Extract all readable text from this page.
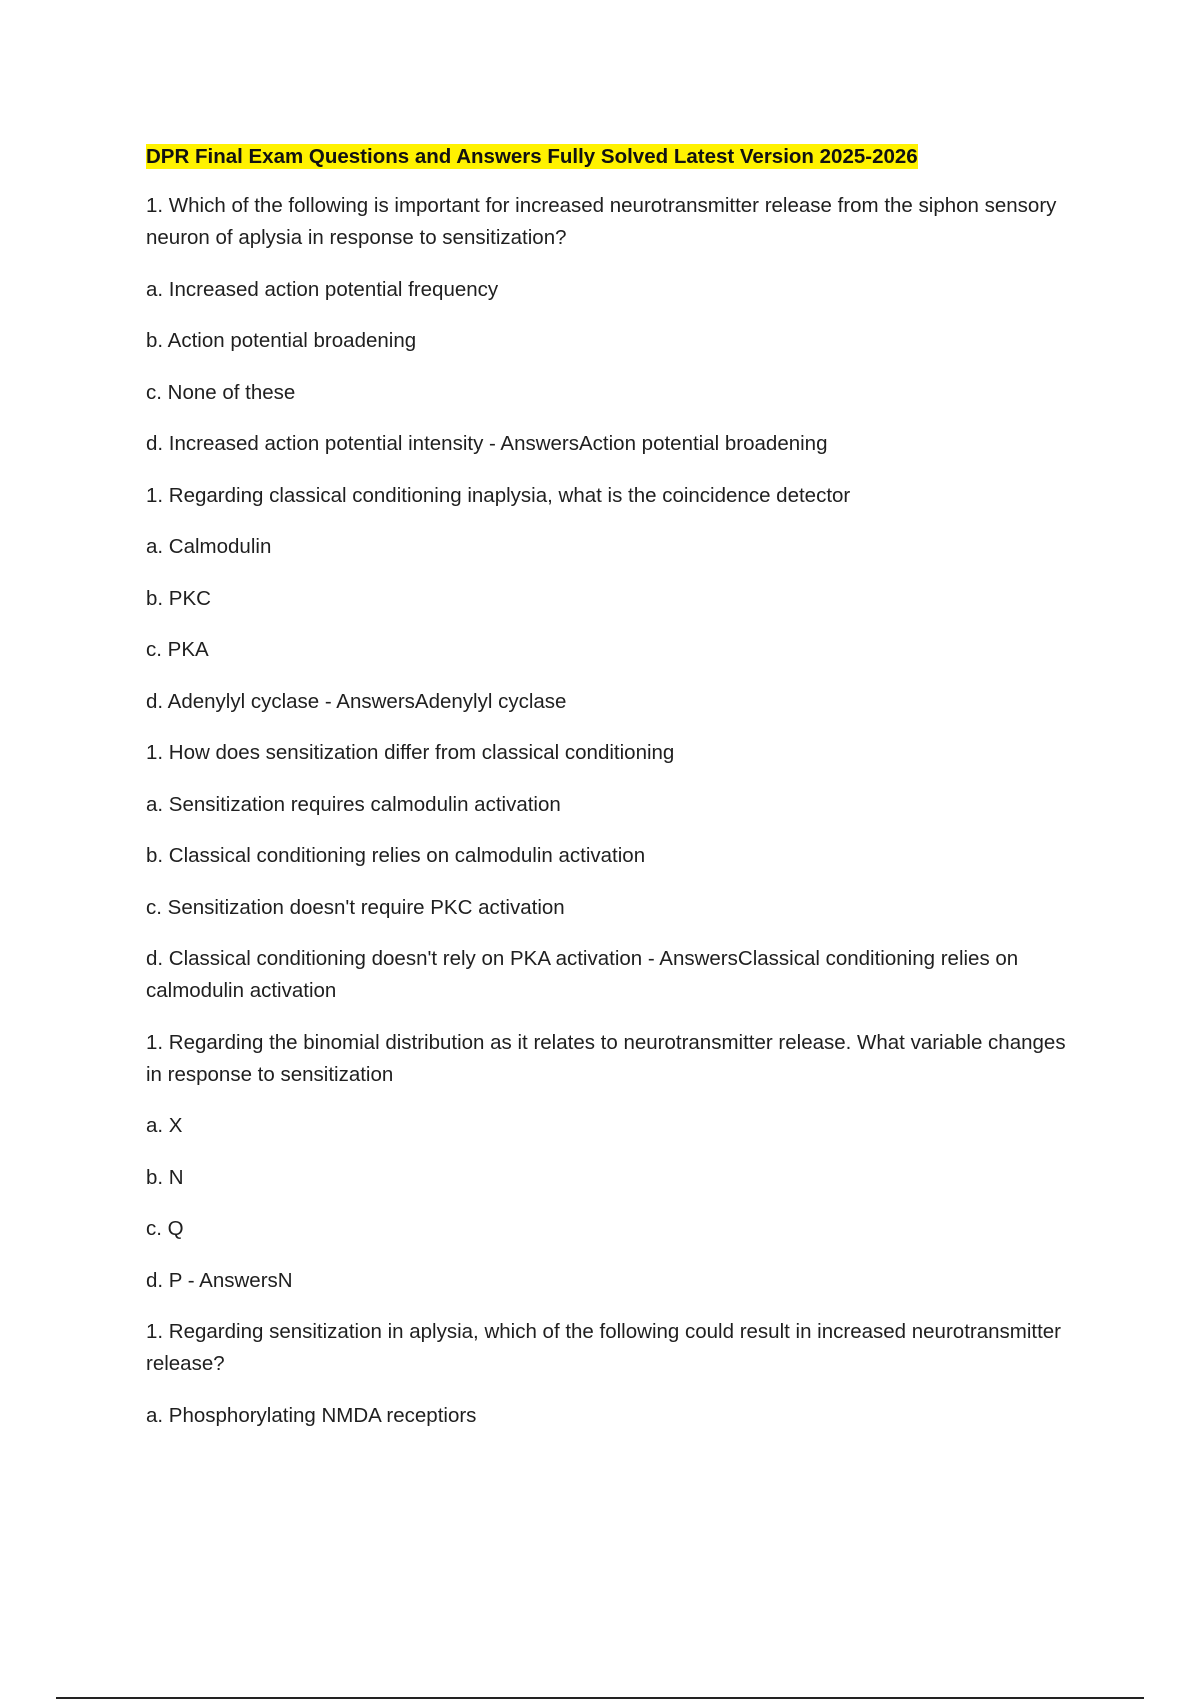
DPR Final Exam Questions and Answers Fully Solved Latest Version 2025-2026

1. Which of the following is important for increased neurotransmitter release from the siphon sensory neuron of aplysia in response to sensitization?

a. Increased action potential frequency

b. Action potential broadening

c. None of these

d. Increased action potential intensity - AnswersAction potential broadening

1. Regarding classical conditioning inaplysia, what is the coincidence detector

a. Calmodulin

b. PKC

c. PKA

d. Adenylyl cyclase - AnswersAdenylyl cyclase

1. How does sensitization differ from classical conditioning

a. Sensitization requires calmodulin activation

b. Classical conditioning relies on calmodulin activation

c. Sensitization doesn't require PKC activation

d. Classical conditioning doesn't rely on PKA activation - AnswersClassical conditioning relies on calmodulin activation

1. Regarding the binomial distribution as it relates to neurotransmitter release. What variable changes in response to sensitization

a. X

b. N

c. Q

d. P - AnswersN

1. Regarding sensitization in aplysia, which of the following could result in increased neurotransmitter release?

a. Phosphorylating NMDA receptiors
